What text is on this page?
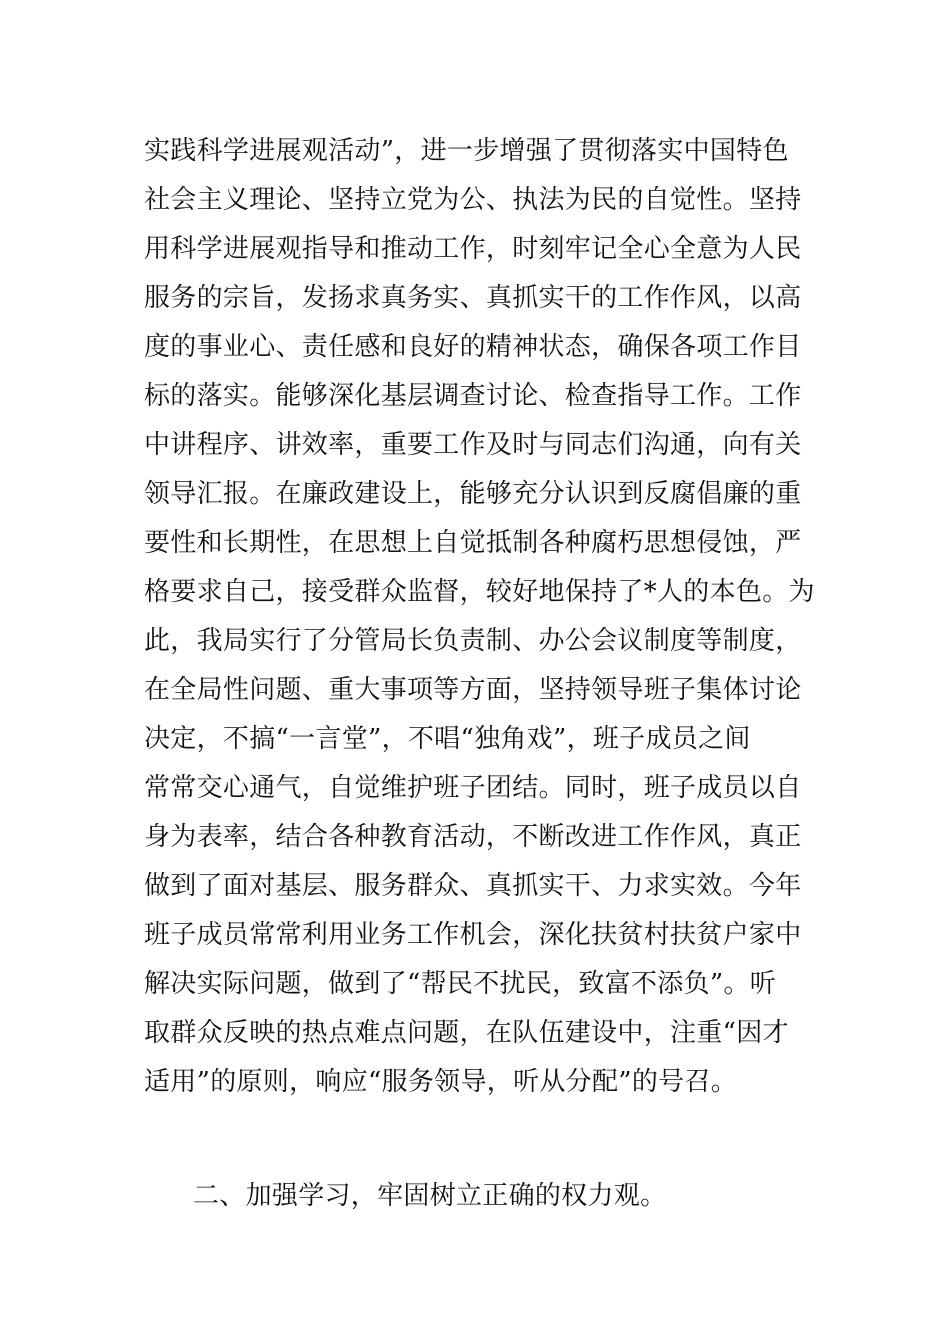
实践科学进展观活动”，进一步增强了贯彻落实中国特色
社会主义理论、坚持立党为公、执法为民的自觉性。坚持
用科学进展观指导和推动工作，时刻牢记全心全意为人民
服务的宗旨，发扬求真务实、真抓实干的工作作风，以高
度的事业心、责任感和良好的精神状态，确保各项工作目
标的落实。能够深化基层调查讨论、检查指导工作。工作
中讲程序、讲效率，重要工作及时与同志们沟通，向有关
领导汇报。在廉政建设上，能够充分认识到反腐倡廉的重
要性和长期性，在思想上自觉抵制各种腐朽思想侵蚀，严
格要求自己，接受群众监督，较好地保持了*人的本色。为
此，我局实行了分管局长负责制、办公会议制度等制度，
在全局性问题、重大事项等方面，坚持领导班子集体讨论
决定，不搞“一言堂”，不唱“独角戏”，班子成员之间
常常交心通气，自觉维护班子团结。同时，班子成员以自
身为表率，结合各种教育活动，不断改进工作作风，真正
做到了面对基层、服务群众、真抓实干、力求实效。今年
班子成员常常利用业务工作机会，深化扶贫村扶贫户家中
解决实际问题，做到了“帮民不扰民，致富不添负”。听
取群众反映的热点难点问题，在队伍建设中，注重“因才
适用”的原则，响应“服务领导，听从分配”的号召。
二、加强学习，牢固树立正确的权力观。
